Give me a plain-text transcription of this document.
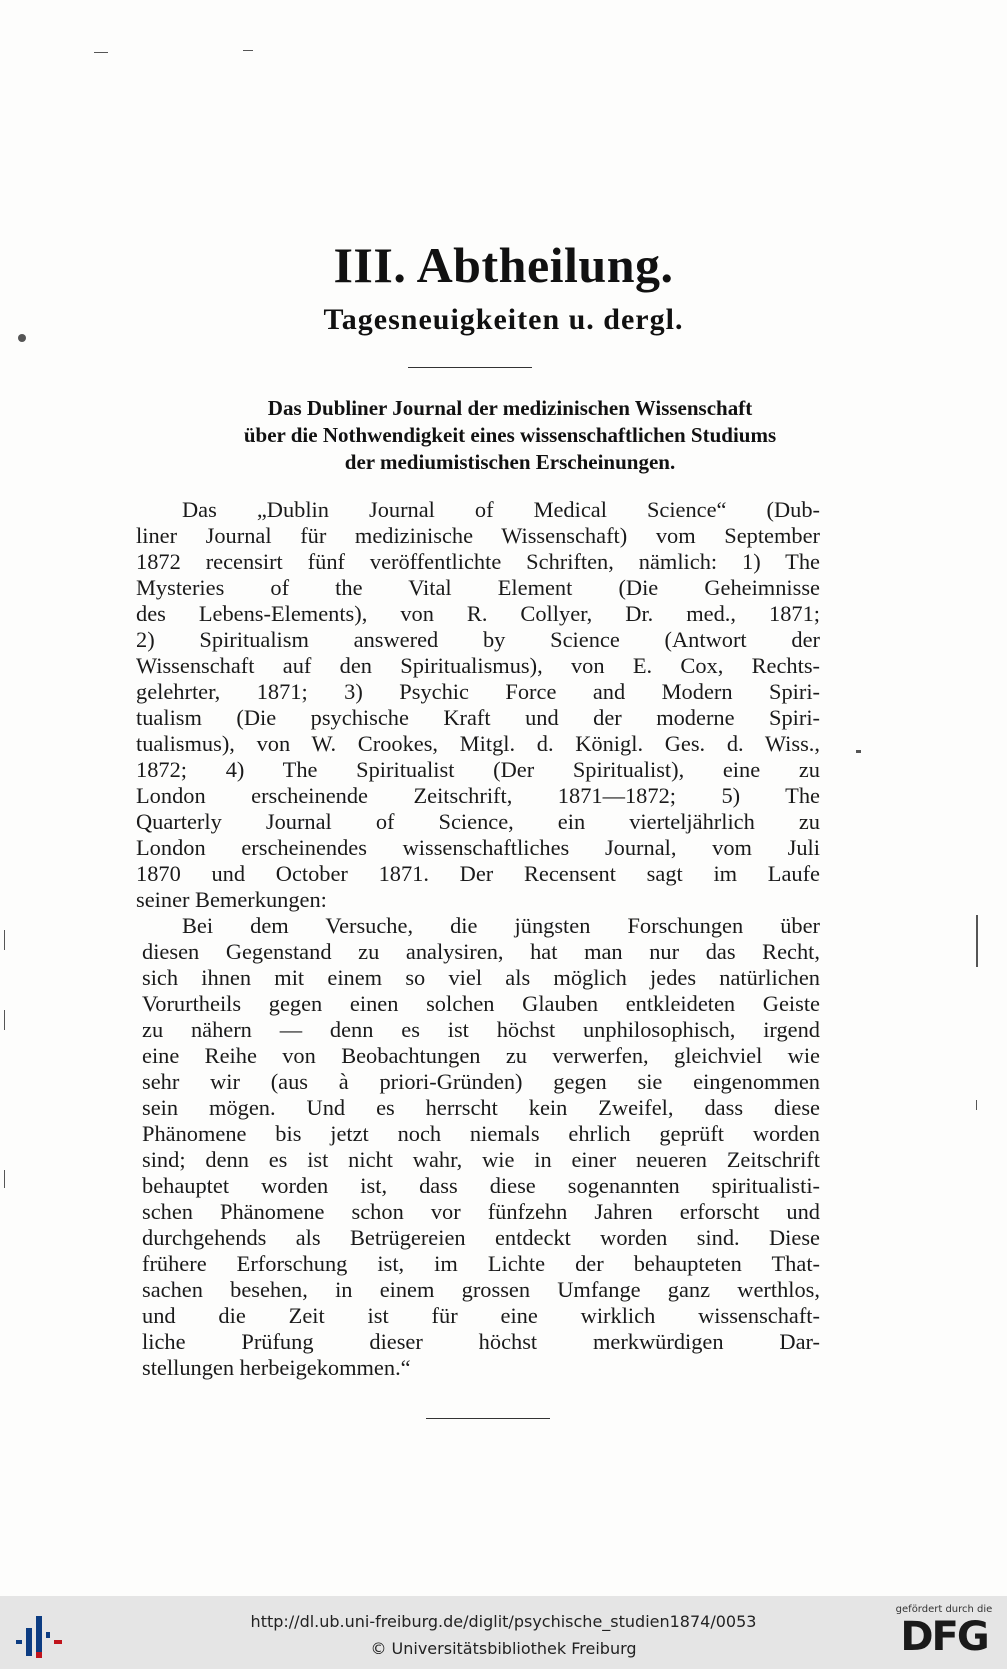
III. Abtheilung.
Tagesneuigkeiten u. dergl.
Das Dubliner Journal der medizinischen Wissenschaft
über die Nothwendigkeit eines wissenschaftlichen Studiums
der mediumistischen Erscheinungen.
Das „Dublin Journal of Medical Science“ (Dub-
liner Journal für medizinische Wissenschaft) vom September
1872 recensirt fünf veröffentlichte Schriften, nämlich: 1) The
Mysteries of the Vital Element (Die Geheimnisse
des Lebens-Elements), von R. Collyer, Dr. med., 1871;
2) Spiritualism answered by Science (Antwort der
Wissenschaft auf den Spiritualismus), von E. Cox, Rechts-
gelehrter, 1871; 3) Psychic Force and Modern Spiri-
tualism (Die psychische Kraft und der moderne Spiri-
tualismus), von W. Crookes, Mitgl. d. Königl. Ges. d. Wiss.,
1872; 4) The Spiritualist (Der Spiritualist), eine zu
London erscheinende Zeitschrift, 1871—1872; 5) The
Quarterly Journal of Science, ein vierteljährlich zu
London erscheinendes wissenschaftliches Journal, vom Juli
1870 und October 1871. Der Recensent sagt im Laufe
seiner Bemerkungen:
Bei dem Versuche, die jüngsten Forschungen über
diesen Gegenstand zu analysiren, hat man nur das Recht,
sich ihnen mit einem so viel als möglich jedes natürlichen
Vorurtheils gegen einen solchen Glauben entkleideten Geiste
zu nähern — denn es ist höchst unphilosophisch, irgend
eine Reihe von Beobachtungen zu verwerfen, gleichviel wie
sehr wir (aus à priori-Gründen) gegen sie eingenommen
sein mögen. Und es herrscht kein Zweifel, dass diese
Phänomene bis jetzt noch niemals ehrlich geprüft worden
sind; denn es ist nicht wahr, wie in einer neueren Zeitschrift
behauptet worden ist, dass diese sogenannten spiritualisti-
schen Phänomene schon vor fünfzehn Jahren erforscht und
durchgehends als Betrügereien entdeckt worden sind. Diese
frühere Erforschung ist, im Lichte der behaupteten That-
sachen besehen, in einem grossen Umfange ganz werthlos,
und die Zeit ist für eine wirklich wissenschaft-
liche Prüfung dieser höchst merkwürdigen Dar-
stellungen herbeigekommen.“
http://dl.ub.uni-freiburg.de/diglit/psychische_studien1874/0053
© Universitätsbibliothek Freiburg
gefördert durch die
DFG
